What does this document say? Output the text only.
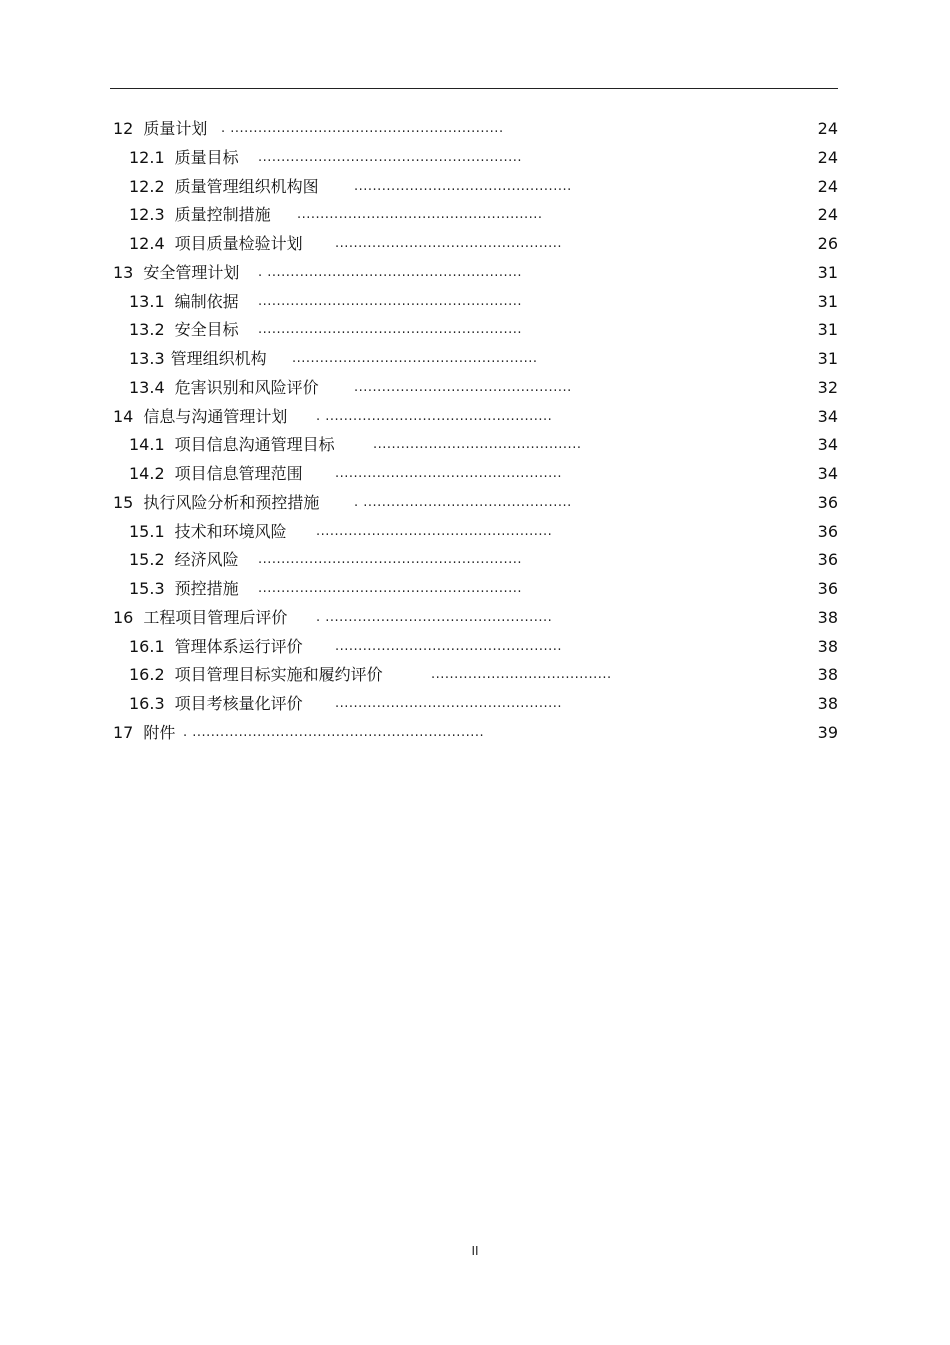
12 质量计划 . ...........................................................	24
12.1 质量目标 .........................................................	24
12.2 质量管理组织机构图	...............................................	24
12.3 质量控制措施 .....................................................	24
12.4 项目质量检验计划 .................................................	26
13 安全管理计划 . .......................................................	31
13.1 编制依据 .........................................................	31
13.2 安全目标 .........................................................	31
13.3 管理组织机构 .....................................................	31
13.4 危害识别和风险评价	...............................................	32
14 信息与沟通管理计划 . .................................................	34
14.1 项目信息沟通管理目标	.............................................	34
14.2 项目信息管理范围 .................................................	34
15 执行风险分析和预控措施	. .............................................	36
15.1 技术和环境风险 ...................................................	36
15.2 经济风险 .........................................................	36
15.3 预控措施 .........................................................	36
16 工程项目管理后评价 . .................................................	38
16.1 管理体系运行评价 .................................................	38
16.2 项目管理目标实施和履约评价	.......................................	38
16.3 项目考核量化评价 .................................................	38
17 附件 . ...............................................................	39
II
